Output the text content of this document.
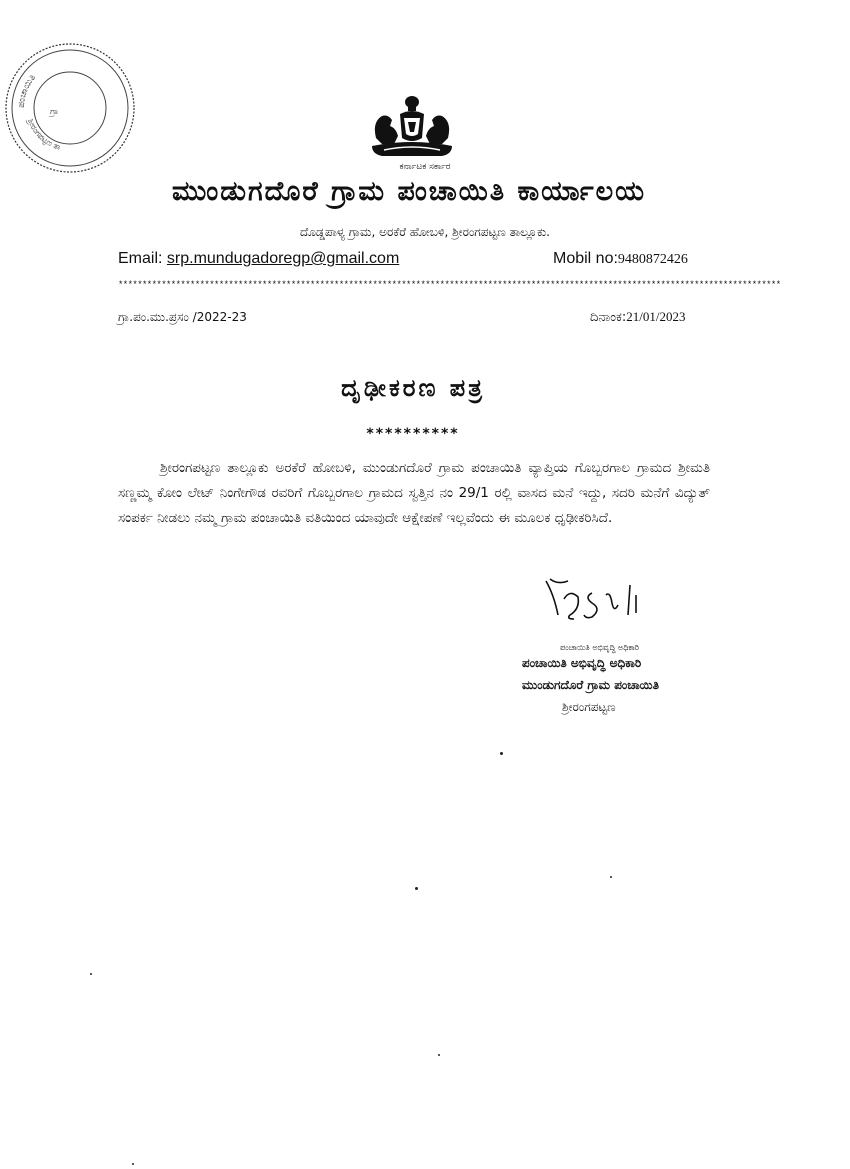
ಪಂಚಾಯಿತಿ
ಶ್ರೀರಂಗಪಟ್ಟಣ ತಾ
ಗ್ರಾ
ಕರ್ನಾಟಕ ಸರ್ಕಾರ
ಮುಂಡುಗದೊರೆ ಗ್ರಾಮ ಪಂಚಾಯಿತಿ ಕಾರ್ಯಾಲಯ
ದೊಡ್ಡಪಾಳ್ಯ ಗ್ರಾಮ, ಅರಕೆರೆ ಹೋಬಳಿ, ಶ್ರೀರಂಗಪಟ್ಟಣ ತಾಲ್ಲೂಕು.
Email: srp.mundugadoregp@gmail.com	Mobil no:9480872426
******************************************************************************************************************************************
ಗ್ರಾ.ಪಂ.ಮು.ಪ್ರಸಂ /2022-23	ದಿನಾಂಕ:21/01/2023
ದೃಢೀಕರಣ ಪತ್ರ
**********
ಶ್ರೀರಂಗಪಟ್ಟಣ ತಾಲ್ಲೂಕು ಅರಕೆರೆ ಹೋಬಳಿ, ಮುಂಡುಗದೊರೆ ಗ್ರಾಮ ಪಂಚಾಯಿತಿ ವ್ಯಾಪ್ತಿಯ ಗೊಬ್ಬರಗಾಲ ಗ್ರಾಮದ ಶ್ರೀಮತಿ ಸಣ್ಣಮ್ಮ ಕೋಂ ಲೇಟ್ ನಿಂಗೇಗೌಡ ರವರಿಗೆ ಗೊಬ್ಬರಗಾಲ ಗ್ರಾಮದ ಸ್ವತ್ತಿನ ನಂ 29/1 ರಲ್ಲಿ ವಾಸದ ಮನೆ ಇದ್ದು, ಸದರಿ ಮನೆಗೆ ವಿದ್ಯುತ್ ಸಂಪರ್ಕ ನೀಡಲು ನಮ್ಮ ಗ್ರಾಮ ಪಂಚಾಯಿತಿ ವತಿಯಿಂದ ಯಾವುದೇ ಆಕ್ಷೇಪಣೆ ಇಲ್ಲವೆಂದು ಈ ಮೂಲಕ ಧೃಢೀಕರಿಸಿದೆ.
ಪಂಚಾಯಿತಿ ಅಭಿವೃದ್ಧಿ ಅಧಿಕಾರಿ
ಪಂಚಾಯಿತಿ ಅಭಿವೃದ್ಧಿ ಅಧಿಕಾರಿ
ಮುಂಡುಗದೊರೆ ಗ್ರಾಮ ಪಂಚಾಯಿತಿ
ಶ್ರೀರಂಗಪಟ್ಟಣ
